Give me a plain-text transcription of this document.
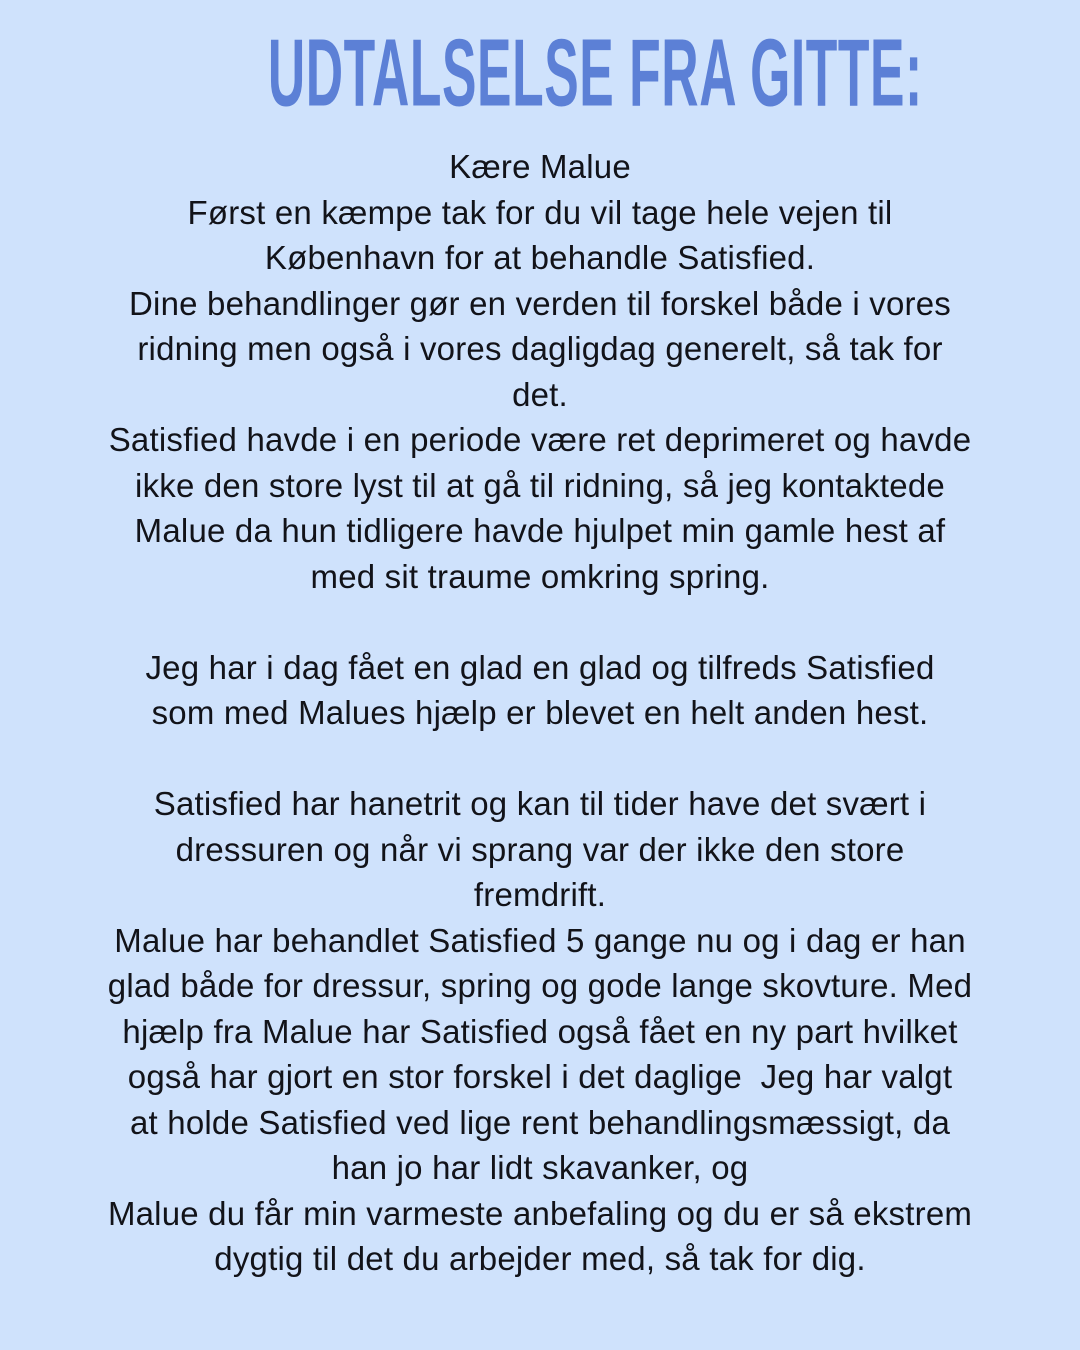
UDTALSELSE FRA GITTE:
Kære Malue
Først en kæmpe tak for du vil tage hele vejen til
København for at behandle Satisfied.
Dine behandlinger gør en verden til forskel både i vores
ridning men også i vores dagligdag generelt, så tak for
det.
Satisfied havde i en periode være ret deprimeret og havde
ikke den store lyst til at gå til ridning, så jeg kontaktede
Malue da hun tidligere havde hjulpet min gamle hest af
med sit traume omkring spring.

Jeg har i dag fået en glad en glad og tilfreds Satisfied
som med Malues hjælp er blevet en helt anden hest.

Satisfied har hanetrit og kan til tider have det svært i
dressuren og når vi sprang var der ikke den store
fremdrift.
Malue har behandlet Satisfied 5 gange nu og i dag er han
glad både for dressur, spring og gode lange skovture. Med
hjælp fra Malue har Satisfied også fået en ny part hvilket
også har gjort en stor forskel i det daglige  Jeg har valgt
at holde Satisfied ved lige rent behandlingsmæssigt, da
han jo har lidt skavanker, og
Malue du får min varmeste anbefaling og du er så ekstrem
dygtig til det du arbejder med, så tak for dig.
